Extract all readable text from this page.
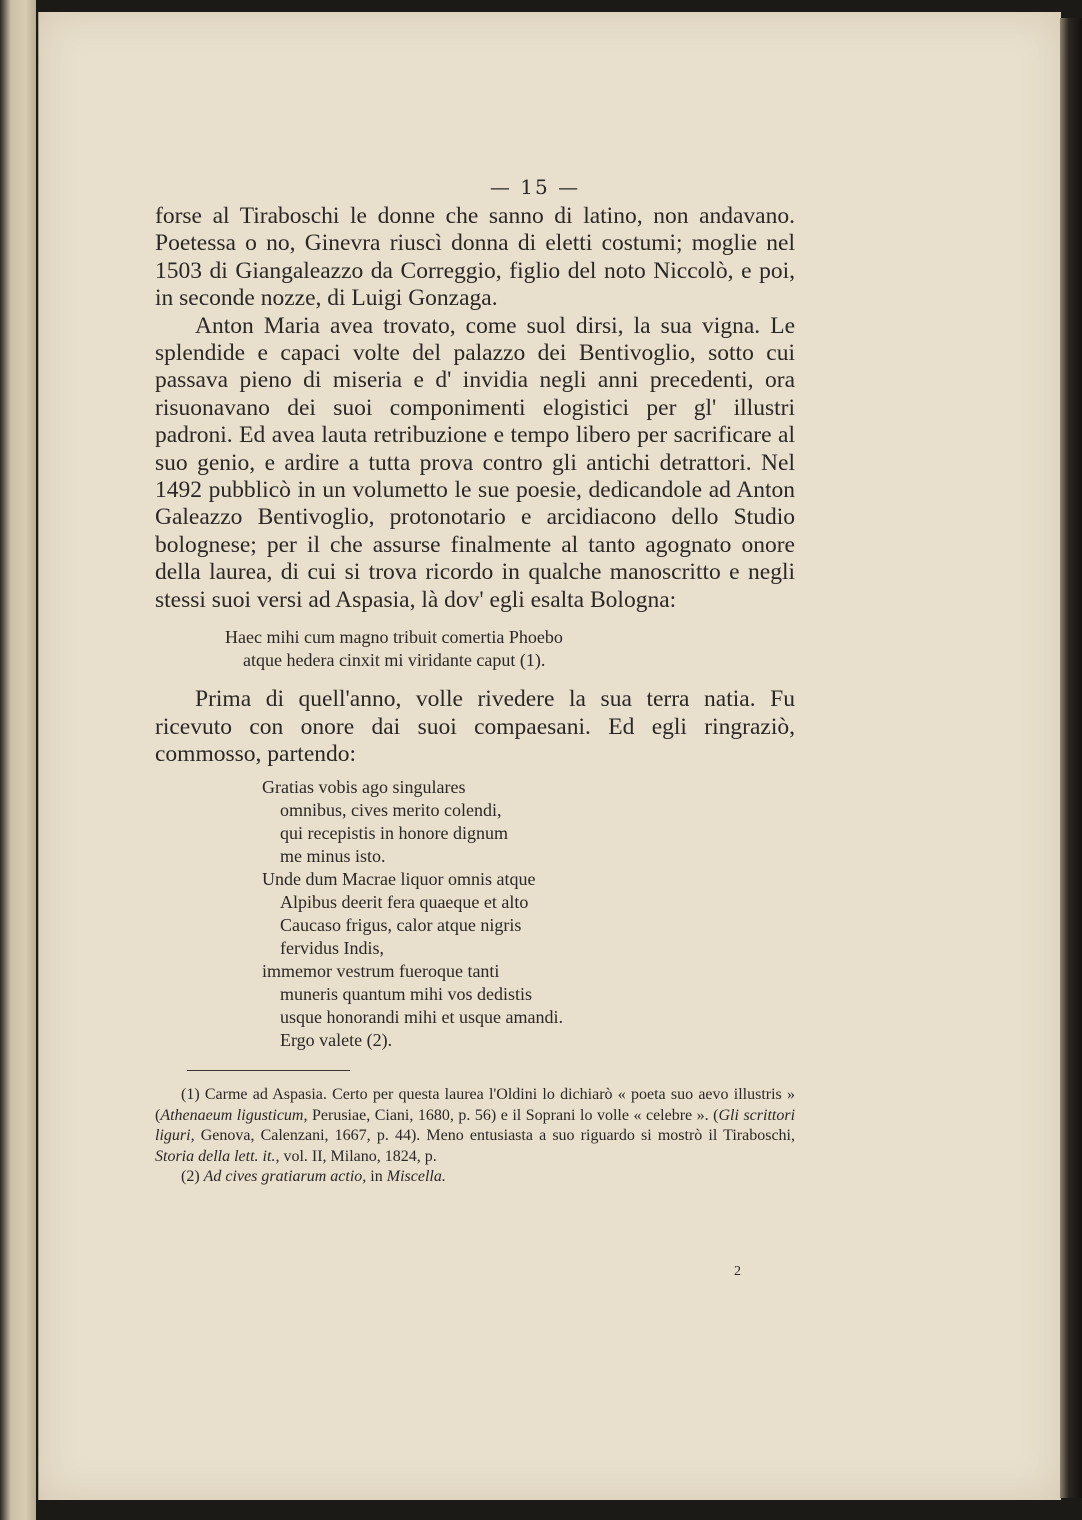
— 15 —

forse al Tiraboschi le donne che sanno di latino, non andavano. Poetessa o no, Ginevra riuscì donna di eletti costumi; moglie nel 1503 di Giangaleazzo da Correggio, figlio del noto Niccolò, e poi, in seconde nozze, di Luigi Gonzaga.

Anton Maria avea trovato, come suol dirsi, la sua vigna. Le splendide e capaci volte del palazzo dei Bentivoglio, sotto cui passava pieno di miseria e d' invidia negli anni precedenti, ora risuonavano dei suoi componimenti elogistici per gl' illustri padroni. Ed avea lauta retribuzione e tempo libero per sacrificare al suo genio, e ardire a tutta prova contro gli antichi detrattori. Nel 1492 pubblicò in un volumetto le sue poesie, dedicandole ad Anton Galeazzo Bentivoglio, protonotario e arcidiacono dello Studio bolognese; per il che assurse finalmente al tanto agognato onore della laurea, di cui si trova ricordo in qualche manoscritto e negli stessi suoi versi ad Aspasia, là dov' egli esalta Bologna:

Haec mihi cum magno tribuit comertia Phoebo
atque hedera cinxit mi viridante caput (1).

Prima di quell'anno, volle rivedere la sua terra natia. Fu ricevuto con onore dai suoi compaesani. Ed egli ringraziò, commosso, partendo:

Gratias vobis ago singulares
omnibus, cives merito colendi,
qui recepistis in honore dignum
me minus isto.
Unde dum Macrae liquor omnis atque
Alpibus deerit fera quaeque et alto
Caucaso frigus, calor atque nigris
fervidus Indis,
immemor vestrum fueroque tanti
muneris quantum mihi vos dedistis
usque honorandi mihi et usque amandi.
Ergo valete (2).

(1) Carme ad Aspasia. Certo per questa laurea l'Oldini lo dichiarò « poeta suo aevo illustris » (Athenaeum ligusticum, Perusiae, Ciani, 1680, p. 56) e il Soprani lo volle « celebre ». (Gli scrittori liguri, Genova, Calenzani, 1667, p. 44). Meno entusiasta a suo riguardo si mostrò il Tiraboschi, Storia della lett. it., vol. II, Milano, 1824, p.

(2) Ad cives gratiarum actio, in Miscella.

2
